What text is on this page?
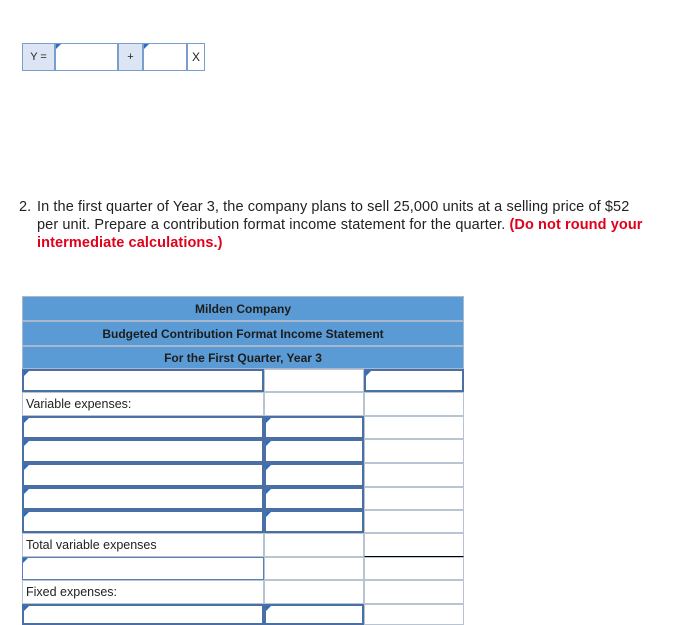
Y =	+	X
2. In the first quarter of Year 3, the company plans to sell 25,000 units at a selling price of $52 per unit. Prepare a contribution format income statement for the quarter. (Do not round your intermediate calculations.)
Milden Company
Budgeted Contribution Format Income Statement
For the First Quarter, Year 3
Variable expenses:
Total variable expenses
Fixed expenses:
